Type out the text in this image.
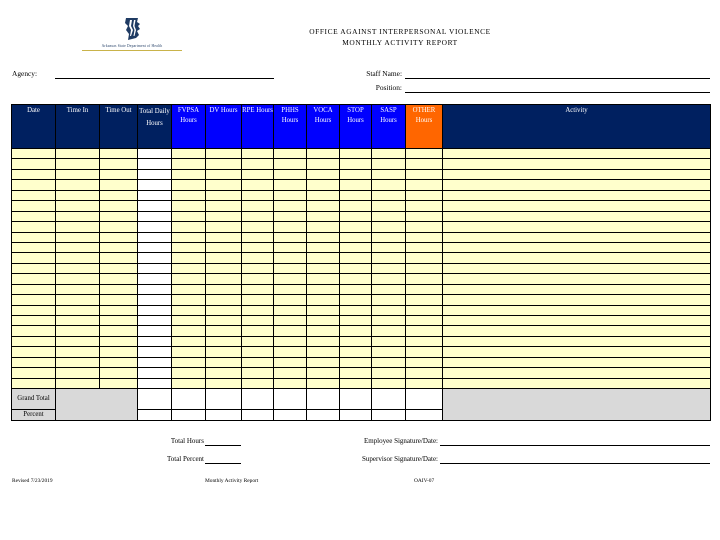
Arkansas State Department of Health
OFFICE AGAINST INTERPERSONAL VIOLENCE
MONTHLY ACTIVITY REPORT
Agency:	Staff Name:
Position:
Date	Time In	Time Out	Total Daily Hours	FVPSA Hours	DV Hours	RPE Hours	PHHS Hours	VOCA Hours	STOP Hours	SASP Hours	OTHER Hours	Activity

Grand Total												
Percent												
Total Hours
Total Percent
Employee Signature/Date:
Supervisor Signature/Date:
Revised 7/23/2019	Monthly Activity Report	OAIV-07
